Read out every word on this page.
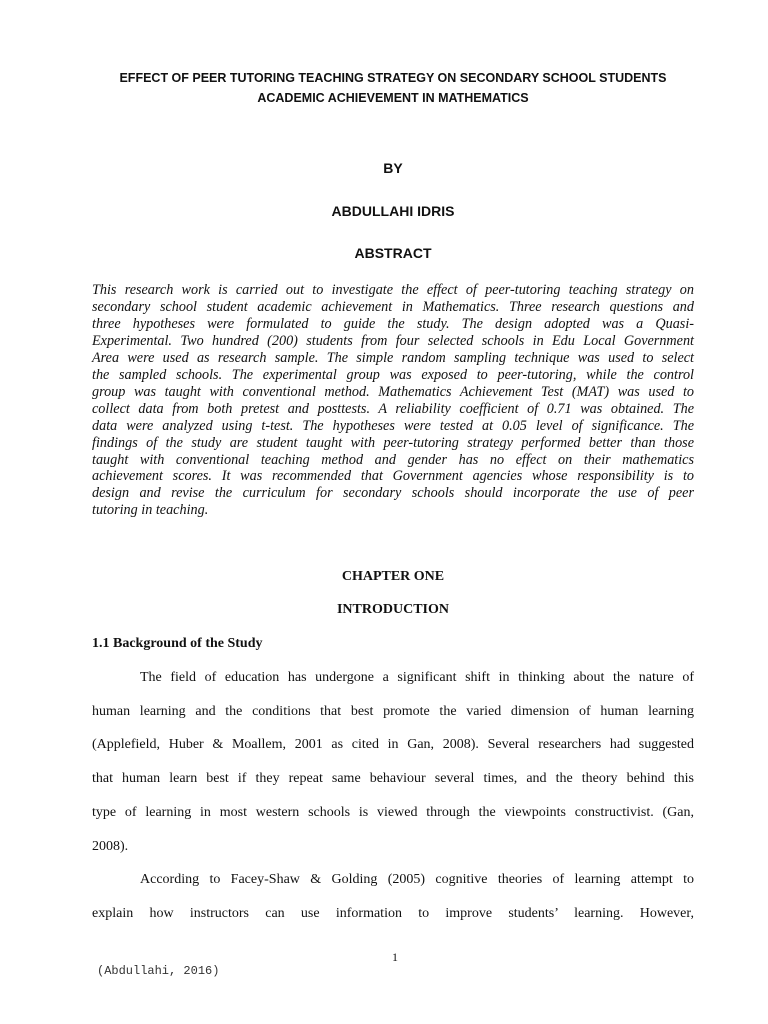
EFFECT OF PEER TUTORING TEACHING STRATEGY ON SECONDARY SCHOOL STUDENTS
ACADEMIC ACHIEVEMENT IN MATHEMATICS
BY
ABDULLAHI IDRIS
ABSTRACT
This research work is carried out to investigate the effect of peer-tutoring teaching strategy on
secondary school student academic achievement in Mathematics. Three research questions and
three hypotheses were formulated to guide the study. The design adopted was a Quasi-
Experimental. Two hundred (200) students from four selected schools in Edu Local Government
Area were used as research sample. The simple random sampling technique was used to select
the sampled schools. The experimental group was exposed to peer-tutoring, while the control
group was taught with conventional method. Mathematics Achievement Test (MAT) was used to
collect data from both pretest and posttests. A reliability coefficient of 0.71 was obtained. The
data were analyzed using t-test. The hypotheses were tested at 0.05 level of significance. The
findings of the study are student taught with peer-tutoring strategy performed better than those
taught with conventional teaching method and gender has no effect on their mathematics
achievement scores. It was recommended that Government agencies whose responsibility is to
design and revise the curriculum for secondary schools should incorporate the use of peer
tutoring in teaching.
CHAPTER ONE
INTRODUCTION
1.1 Background of the Study
The field of education has undergone a significant shift in thinking about the nature of
human learning and the conditions that best promote the varied dimension of human learning
(Applefield, Huber & Moallem, 2001 as cited in Gan, 2008). Several researchers had suggested
that human learn best if they repeat same behaviour several times, and the theory behind this
type of learning in most western schools is viewed through the viewpoints constructivist. (Gan,
2008).
According to Facey-Shaw & Golding (2005) cognitive theories of learning attempt to
explain how instructors can use information to improve students’ learning. However,
1
(Abdullahi, 2016)
